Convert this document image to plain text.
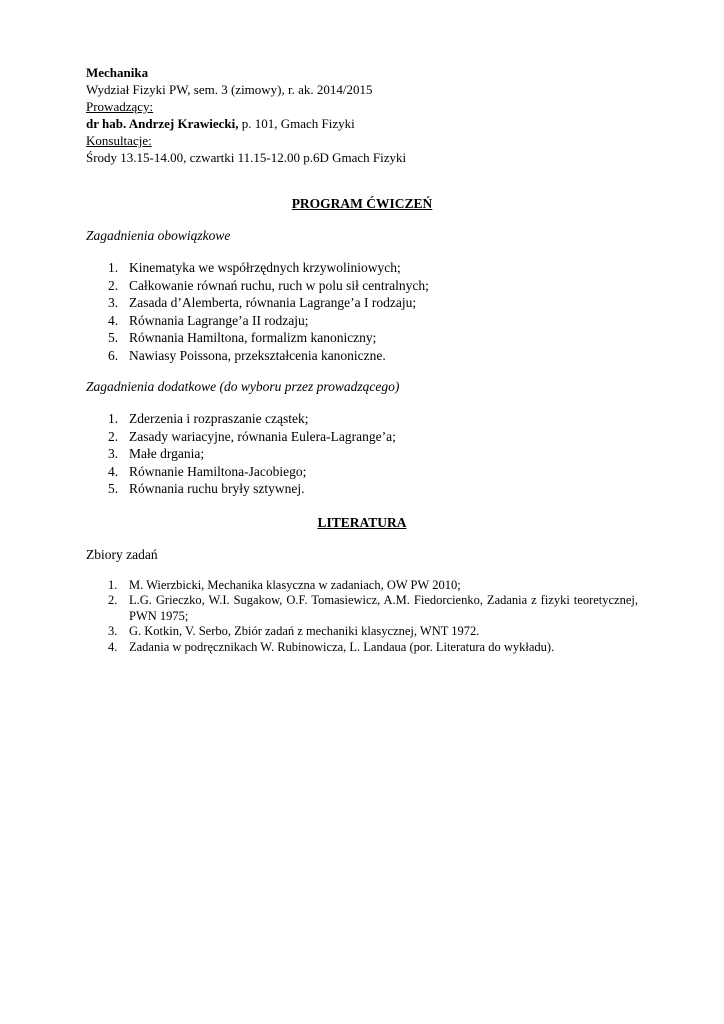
Mechanika

Wydział Fizyki PW, sem. 3 (zimowy), r. ak. 2014/2015

Prowadzący:

dr hab. Andrzej Krawiecki, p. 101, Gmach Fizyki

Konsultacje:

Środy 13.15-14.00, czwartki 11.15-12.00 p.6D Gmach Fizyki

PROGRAM ĆWICZEŃ

Zagadnienia obowiązkowe

1. Kinematyka we współrzędnych krzywoliniowych;
2. Całkowanie równań ruchu, ruch w polu sił centralnych;
3. Zasada d’Alemberta, równania Lagrange’a I rodzaju;
4. Równania Lagrange’a II rodzaju;
5. Równania Hamiltona, formalizm kanoniczny;
6. Nawiasy Poissona, przekształcenia kanoniczne.

Zagadnienia dodatkowe (do wyboru przez prowadzącego)

1. Zderzenia i rozpraszanie cząstek;
2. Zasady wariacyjne, równania Eulera-Lagrange’a;
3. Małe drgania;
4. Równanie Hamiltona-Jacobiego;
5. Równania ruchu bryły sztywnej.

LITERATURA

Zbiory zadań

1. M. Wierzbicki, Mechanika klasyczna w zadaniach, OW PW 2010;
2. L.G. Grieczko, W.I. Sugakow, O.F. Tomasiewicz, A.M. Fiedorcienko, Zadania z fizyki teoretycznej, PWN 1975;
3. G. Kotkin, V. Serbo, Zbiór zadań z mechaniki klasycznej, WNT 1972.
4. Zadania w podręcznikach W. Rubinowicza, L. Landaua (por. Literatura do wykładu).
